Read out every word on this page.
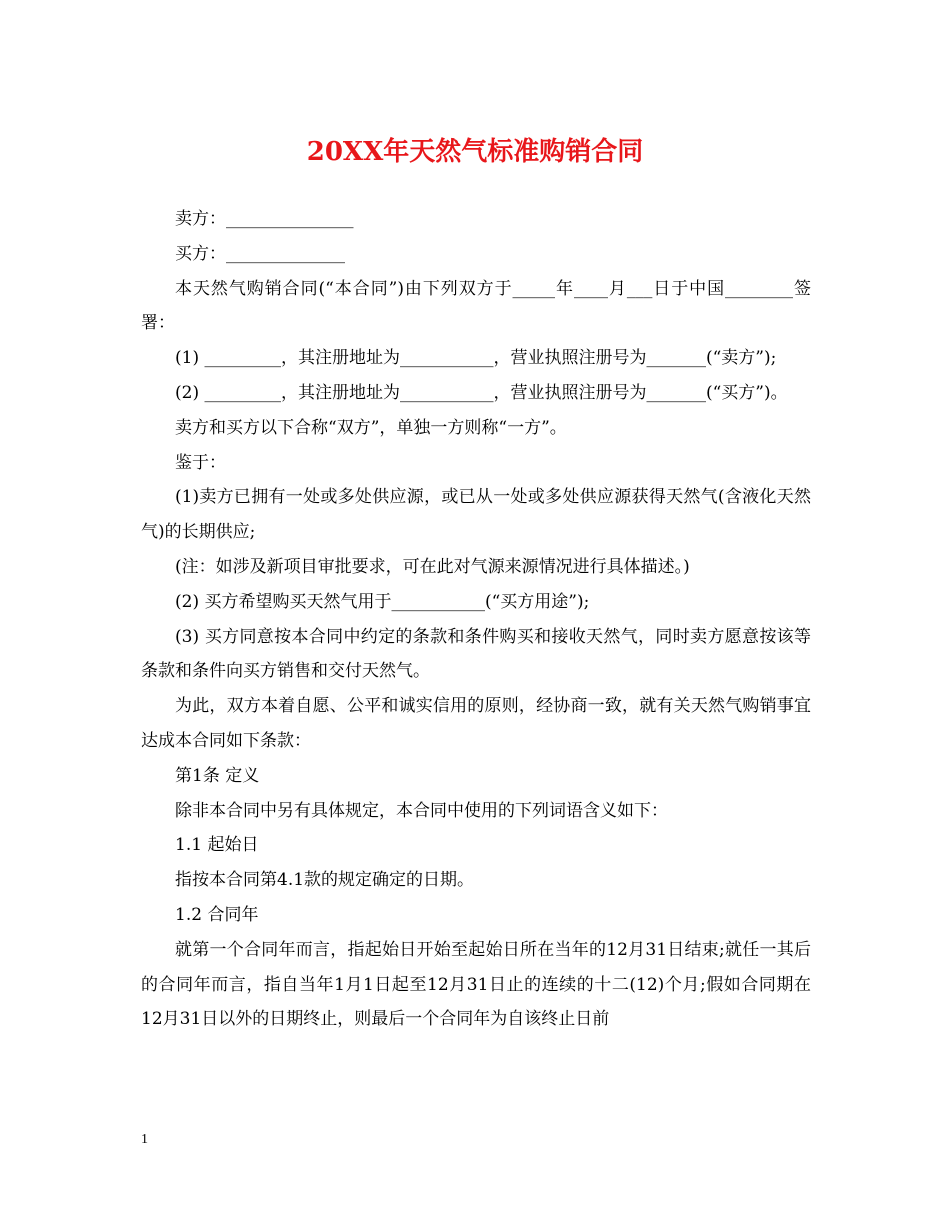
20XX年天然气标准购销合同

卖方：_______________

买方：______________

本天然气购销合同(“本合同”)由下列双方于_____年____月___日于中国________签署：

(1) _________，其注册地址为___________，营业执照注册号为_______(“卖方”);

(2) _________，其注册地址为___________，营业执照注册号为_______(“买方”)。

卖方和买方以下合称“双方”，单独一方则称“一方”。

鉴于：

(1)卖方已拥有一处或多处供应源，或已从一处或多处供应源获得天然气(含液化天然气)的长期供应;

(注：如涉及新项目审批要求，可在此对气源来源情况进行具体描述。)

(2) 买方希望购买天然气用于___________(“买方用途”);

(3) 买方同意按本合同中约定的条款和条件购买和接收天然气，同时卖方愿意按该等条款和条件向买方销售和交付天然气。

为此，双方本着自愿、公平和诚实信用的原则，经协商一致，就有关天然气购销事宜达成本合同如下条款：

第1条 定义

除非本合同中另有具体规定，本合同中使用的下列词语含义如下：

1.1 起始日

指按本合同第4.1款的规定确定的日期。

1.2 合同年

就第一个合同年而言，指起始日开始至起始日所在当年的12月31日结束;就任一其后的合同年而言，指自当年1月1日起至12月31日止的连续的十二(12)个月;假如合同期在12月31日以外的日期终止，则最后一个合同年为自该终止日前

1
